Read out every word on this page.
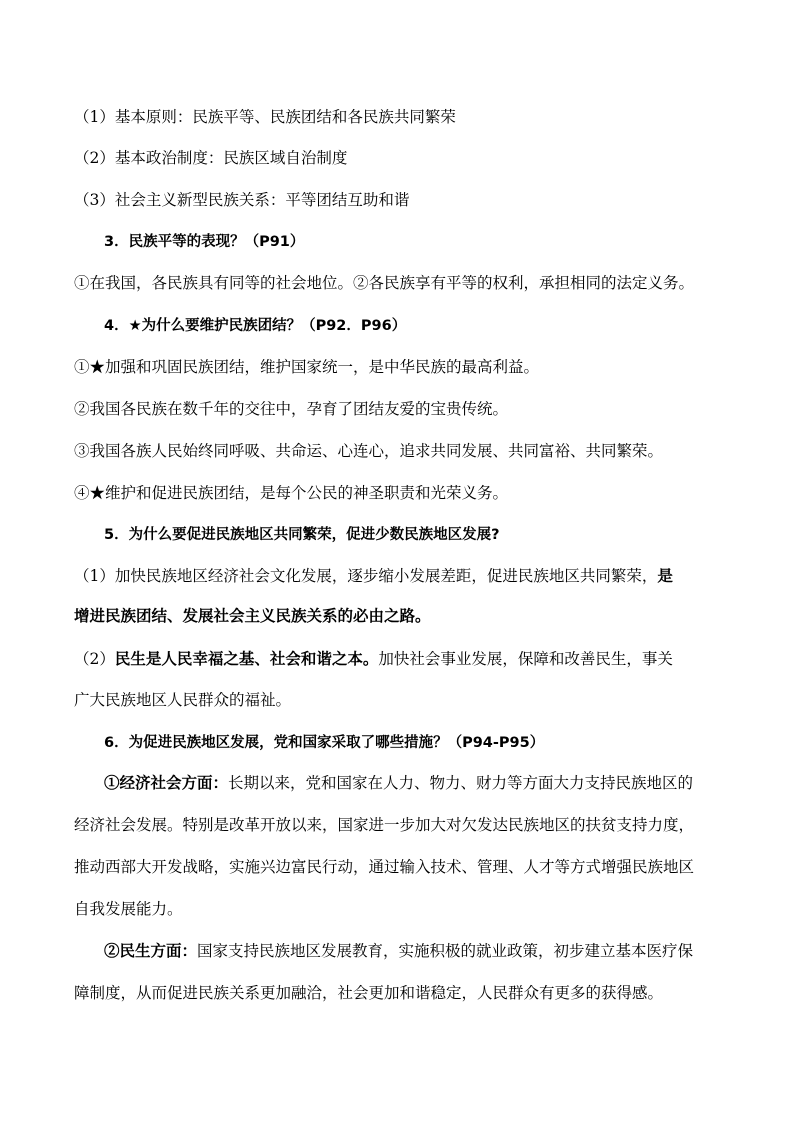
（1）基本原则：民族平等、民族团结和各民族共同繁荣
（2）基本政治制度：民族区域自治制度
（3）社会主义新型民族关系：平等团结互助和谐
3．民族平等的表现？（P91）
①在我国，各民族具有同等的社会地位。②各民族享有平等的权利，承担相同的法定义务。
4．★为什么要维护民族团结？（P92．P96）
①★加强和巩固民族团结，维护国家统一，是中华民族的最高利益。
②我国各民族在数千年的交往中，孕育了团结友爱的宝贵传统。
③我国各族人民始终同呼吸、共命运、心连心，追求共同发展、共同富裕、共同繁荣。
④★维护和促进民族团结，是每个公民的神圣职责和光荣义务。
5．为什么要促进民族地区共同繁荣，促进少数民族地区发展?
（1）加快民族地区经济社会文化发展，逐步缩小发展差距，促进民族地区共同繁荣，是
增进民族团结、发展社会主义民族关系的必由之路。
（2）民生是人民幸福之基、社会和谐之本。加快社会事业发展，保障和改善民生，事关
广大民族地区人民群众的福祉。
6．为促进民族地区发展，党和国家采取了哪些措施？（P94-P95）
①经济社会方面：长期以来，党和国家在人力、物力、财力等方面大力支持民族地区的
经济社会发展。特别是改革开放以来，国家进一步加大对欠发达民族地区的扶贫支持力度，
推动西部大开发战略，实施兴边富民行动，通过输入技术、管理、人才等方式增强民族地区
自我发展能力。
②民生方面：国家支持民族地区发展教育，实施积极的就业政策，初步建立基本医疗保
障制度，从而促进民族关系更加融洽，社会更加和谐稳定，人民群众有更多的获得感。
